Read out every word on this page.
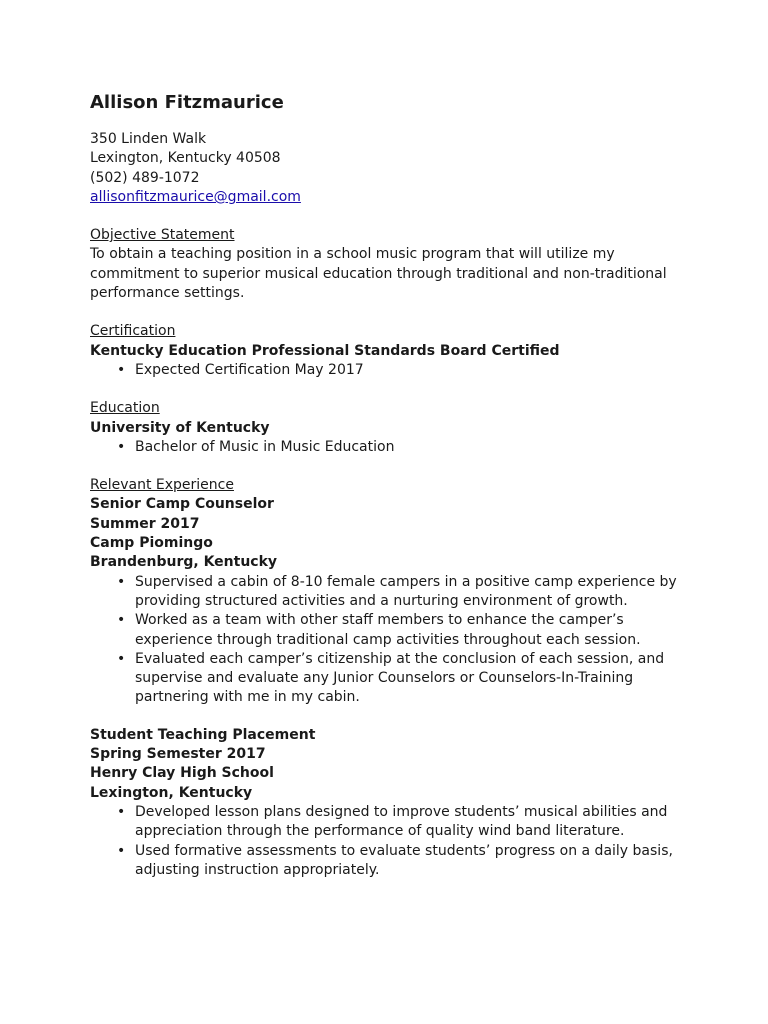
Allison Fitzmaurice
350 Linden Walk
Lexington, Kentucky 40508
(502) 489-1072
allisonfitzmaurice@gmail.com
Objective Statement
To obtain a teaching position in a school music program that will utilize my
commitment to superior musical education through traditional and non-traditional
performance settings.
Certification
Kentucky Education Professional Standards Board Certified
• Expected Certification May 2017
Education
University of Kentucky
• Bachelor of Music in Music Education
Relevant Experience
Senior Camp Counselor
Summer 2017
Camp Piomingo
Brandenburg, Kentucky
• Supervised a cabin of 8-10 female campers in a positive camp experience by
providing structured activities and a nurturing environment of growth.
• Worked as a team with other staff members to enhance the camper’s
experience through traditional camp activities throughout each session.
• Evaluated each camper’s citizenship at the conclusion of each session, and
supervise and evaluate any Junior Counselors or Counselors-In-Training
partnering with me in my cabin.
Student Teaching Placement
Spring Semester 2017
Henry Clay High School
Lexington, Kentucky
• Developed lesson plans designed to improve students’ musical abilities and
appreciation through the performance of quality wind band literature.
• Used formative assessments to evaluate students’ progress on a daily basis,
adjusting instruction appropriately.
